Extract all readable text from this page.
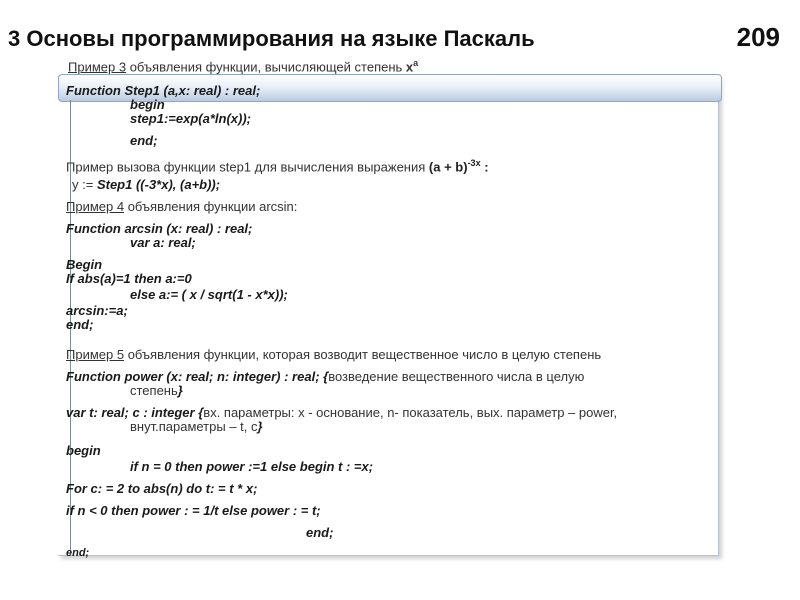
3 Основы программирования на языке Паскаль	209
Пример 3 объявления функции, вычисляющей степень $x^a$
Function Step1 (a,x: real) : real;
begin
step1:=exp(a*ln(x));
end;
Пример вызова функции step1 для вычисления выражения $(a + b)^{-3x}$ :
y := Step1 ((-3*x), (a+b));
Пример 4 объявления функции arcsin:
Function arcsin (x: real) : real;
var a: real;
Begin
If abs(a)=1 then a:=0
else a:= ( x / sqrt(1 - x*x));
arcsin:=a;
end;
Пример 5 объявления функции, которая возводит вещественное число в целую степень
Function power (x: real; n: integer) : real; {возведение вещественного числа в целую
степень}
var t: real; c : integer {вх. параметры: x - основание, n- показатель, вых. параметр – power,
внут.параметры – t, c}
begin
if n = 0 then power :=1 else begin t : =x;
For c: = 2 to abs(n) do t: = t * x;
if n < 0 then power : = 1/t else power : = t;
end;
end;
